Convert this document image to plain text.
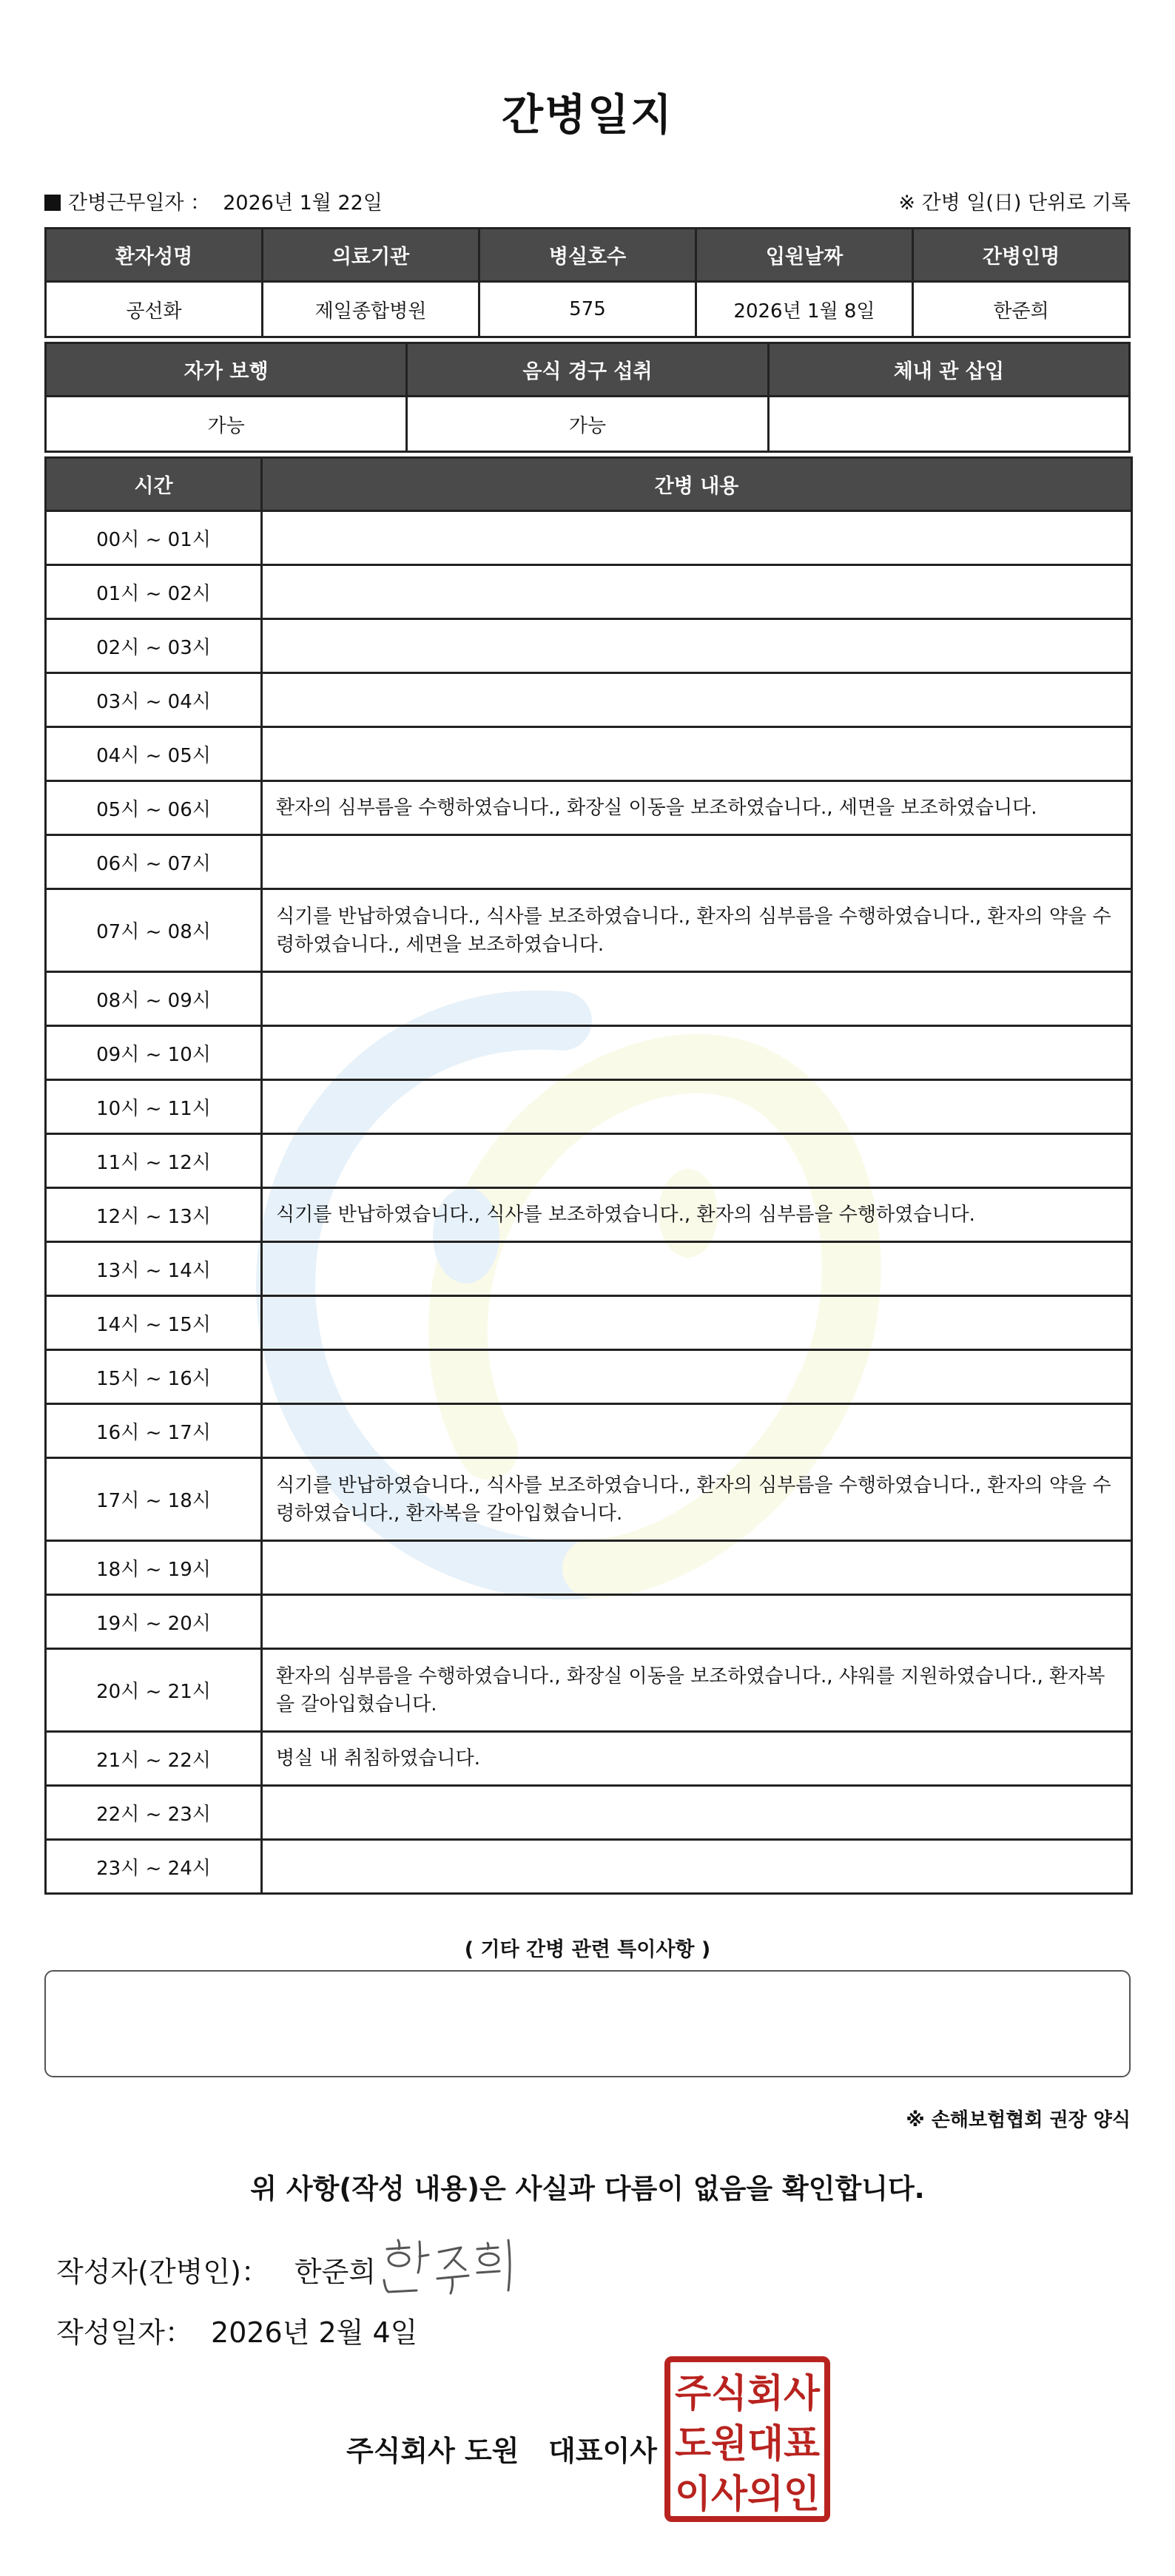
간병일지
간병근무일자 ： 2026년 1월 22일	※ 간병 일(日) 단위로 기록
환자성명	의료기관	병실호수	입원날짜	간병인명
공선화	제일종합병원	575	2026년 1월 8일	한준희
자가 보행	음식 경구 섭취	체내 관 삽입
가능	가능	
시간	간병 내용
00시 ~ 01시	
01시 ~ 02시	
02시 ~ 03시	
03시 ~ 04시	
04시 ~ 05시	
05시 ~ 06시	환자의 심부름을 수행하였습니다., 화장실 이동을 보조하였습니다., 세면을 보조하였습니다.
06시 ~ 07시	
07시 ~ 08시	식기를 반납하였습니다., 식사를 보조하였습니다., 환자의 심부름을 수행하였습니다., 환자의 약을 수령하였습니다., 세면을 보조하였습니다.
08시 ~ 09시	
09시 ~ 10시	
10시 ~ 11시	
11시 ~ 12시	
12시 ~ 13시	식기를 반납하였습니다., 식사를 보조하였습니다., 환자의 심부름을 수행하였습니다.
13시 ~ 14시	
14시 ~ 15시	
15시 ~ 16시	
16시 ~ 17시	
17시 ~ 18시	식기를 반납하였습니다., 식사를 보조하였습니다., 환자의 심부름을 수행하였습니다., 환자의 약을 수령하였습니다., 환자복을 갈아입혔습니다.
18시 ~ 19시	
19시 ~ 20시	
20시 ~ 21시	환자의 심부름을 수행하였습니다., 화장실 이동을 보조하였습니다., 샤워를 지원하였습니다., 환자복을 갈아입혔습니다.
21시 ~ 22시	병실 내 취침하였습니다.
22시 ~ 23시	
23시 ~ 24시	
( 기타 간병 관련 특이사항 )
※ 손해보험협회 권장 양식
위 사항(작성 내용)은 사실과 다름이 없음을 확인합니다.
작성자(간병인)： 한준희
작성일자： 2026년 2월 4일
주식회사 도원   대표이사
주식회사
도원대표
이사의인
